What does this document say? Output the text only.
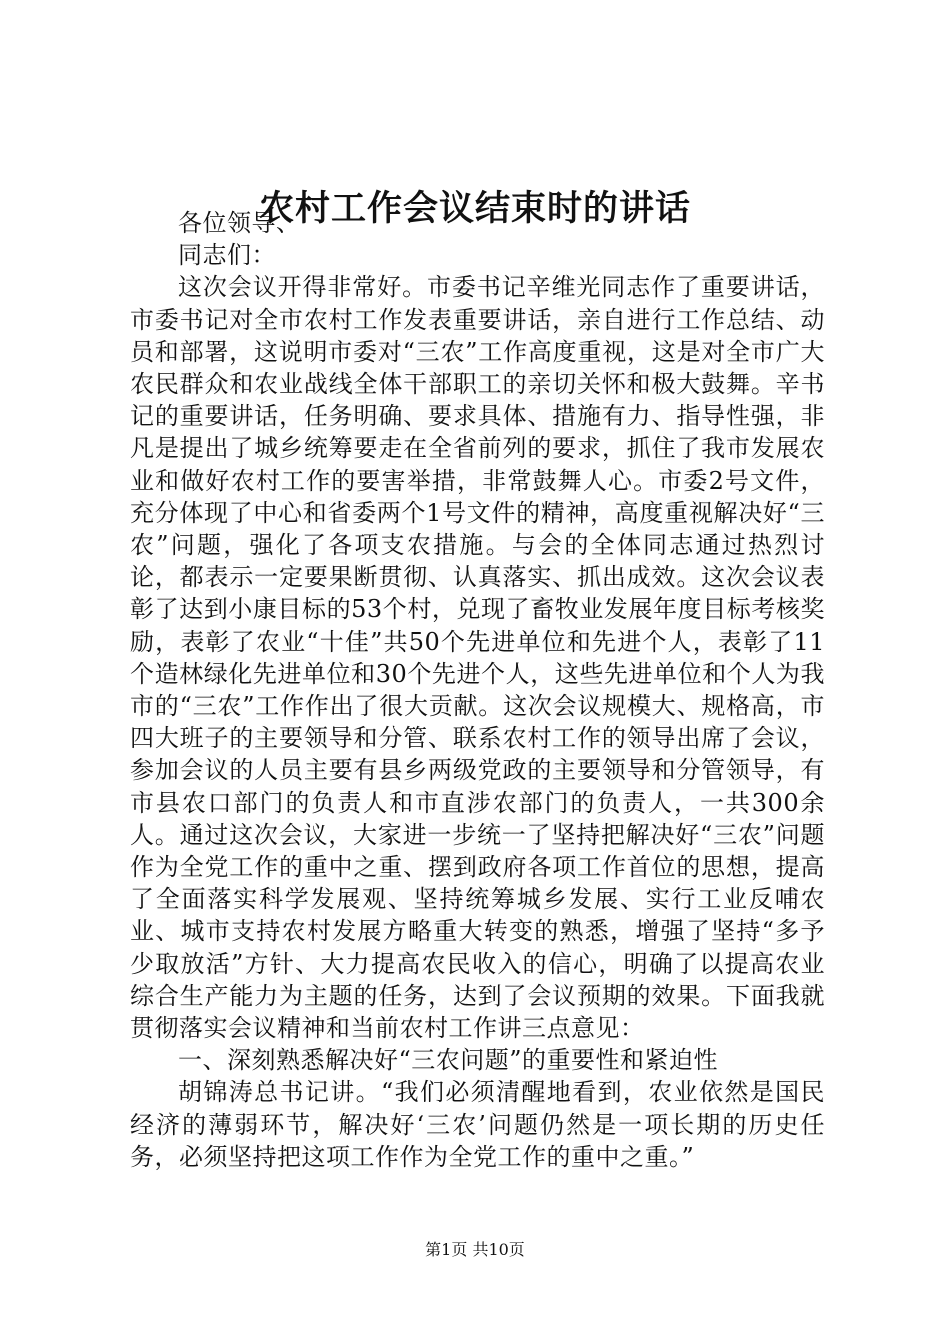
农村工作会议结束时的讲话

各位领导、

同志们：

这次会议开得非常好。市委书记辛维光同志作了重要讲话，市委书记对全市农村工作发表重要讲话，亲自进行工作总结、动员和部署，这说明市委对“三农”工作高度重视，这是对全市广大农民群众和农业战线全体干部职工的亲切关怀和极大鼓舞。辛书记的重要讲话，任务明确、要求具体、措施有力、指导性强，非凡是提出了城乡统筹要走在全省前列的要求，抓住了我市发展农业和做好农村工作的要害举措，非常鼓舞人心。市委2号文件，充分体现了中心和省委两个1号文件的精神，高度重视解决好“三农”问题，强化了各项支农措施。与会的全体同志通过热烈讨论，都表示一定要果断贯彻、认真落实、抓出成效。这次会议表彰了达到小康目标的53个村，兑现了畜牧业发展年度目标考核奖励，表彰了农业“十佳”共50个先进单位和先进个人，表彰了11个造林绿化先进单位和30个先进个人，这些先进单位和个人为我市的“三农”工作作出了很大贡献。这次会议规模大、规格高，市四大班子的主要领导和分管、联系农村工作的领导出席了会议，参加会议的人员主要有县乡两级党政的主要领导和分管领导，有市县农口部门的负责人和市直涉农部门的负责人，一共300余人。通过这次会议，大家进一步统一了坚持把解决好“三农”问题作为全党工作的重中之重、摆到政府各项工作首位的思想，提高了全面落实科学发展观、坚持统筹城乡发展、实行工业反哺农业、城市支持农村发展方略重大转变的熟悉，增强了坚持“多予少取放活”方针、大力提高农民收入的信心，明确了以提高农业综合生产能力为主题的任务，达到了会议预期的效果。下面我就贯彻落实会议精神和当前农村工作讲三点意见：

一、深刻熟悉解决好“三农问题”的重要性和紧迫性

胡锦涛总书记讲。“我们必须清醒地看到，农业依然是国民经济的薄弱环节，解决好‘三农’问题仍然是一项长期的历史任务，必须坚持把这项工作作为全党工作的重中之重。”

第1页 共10页
